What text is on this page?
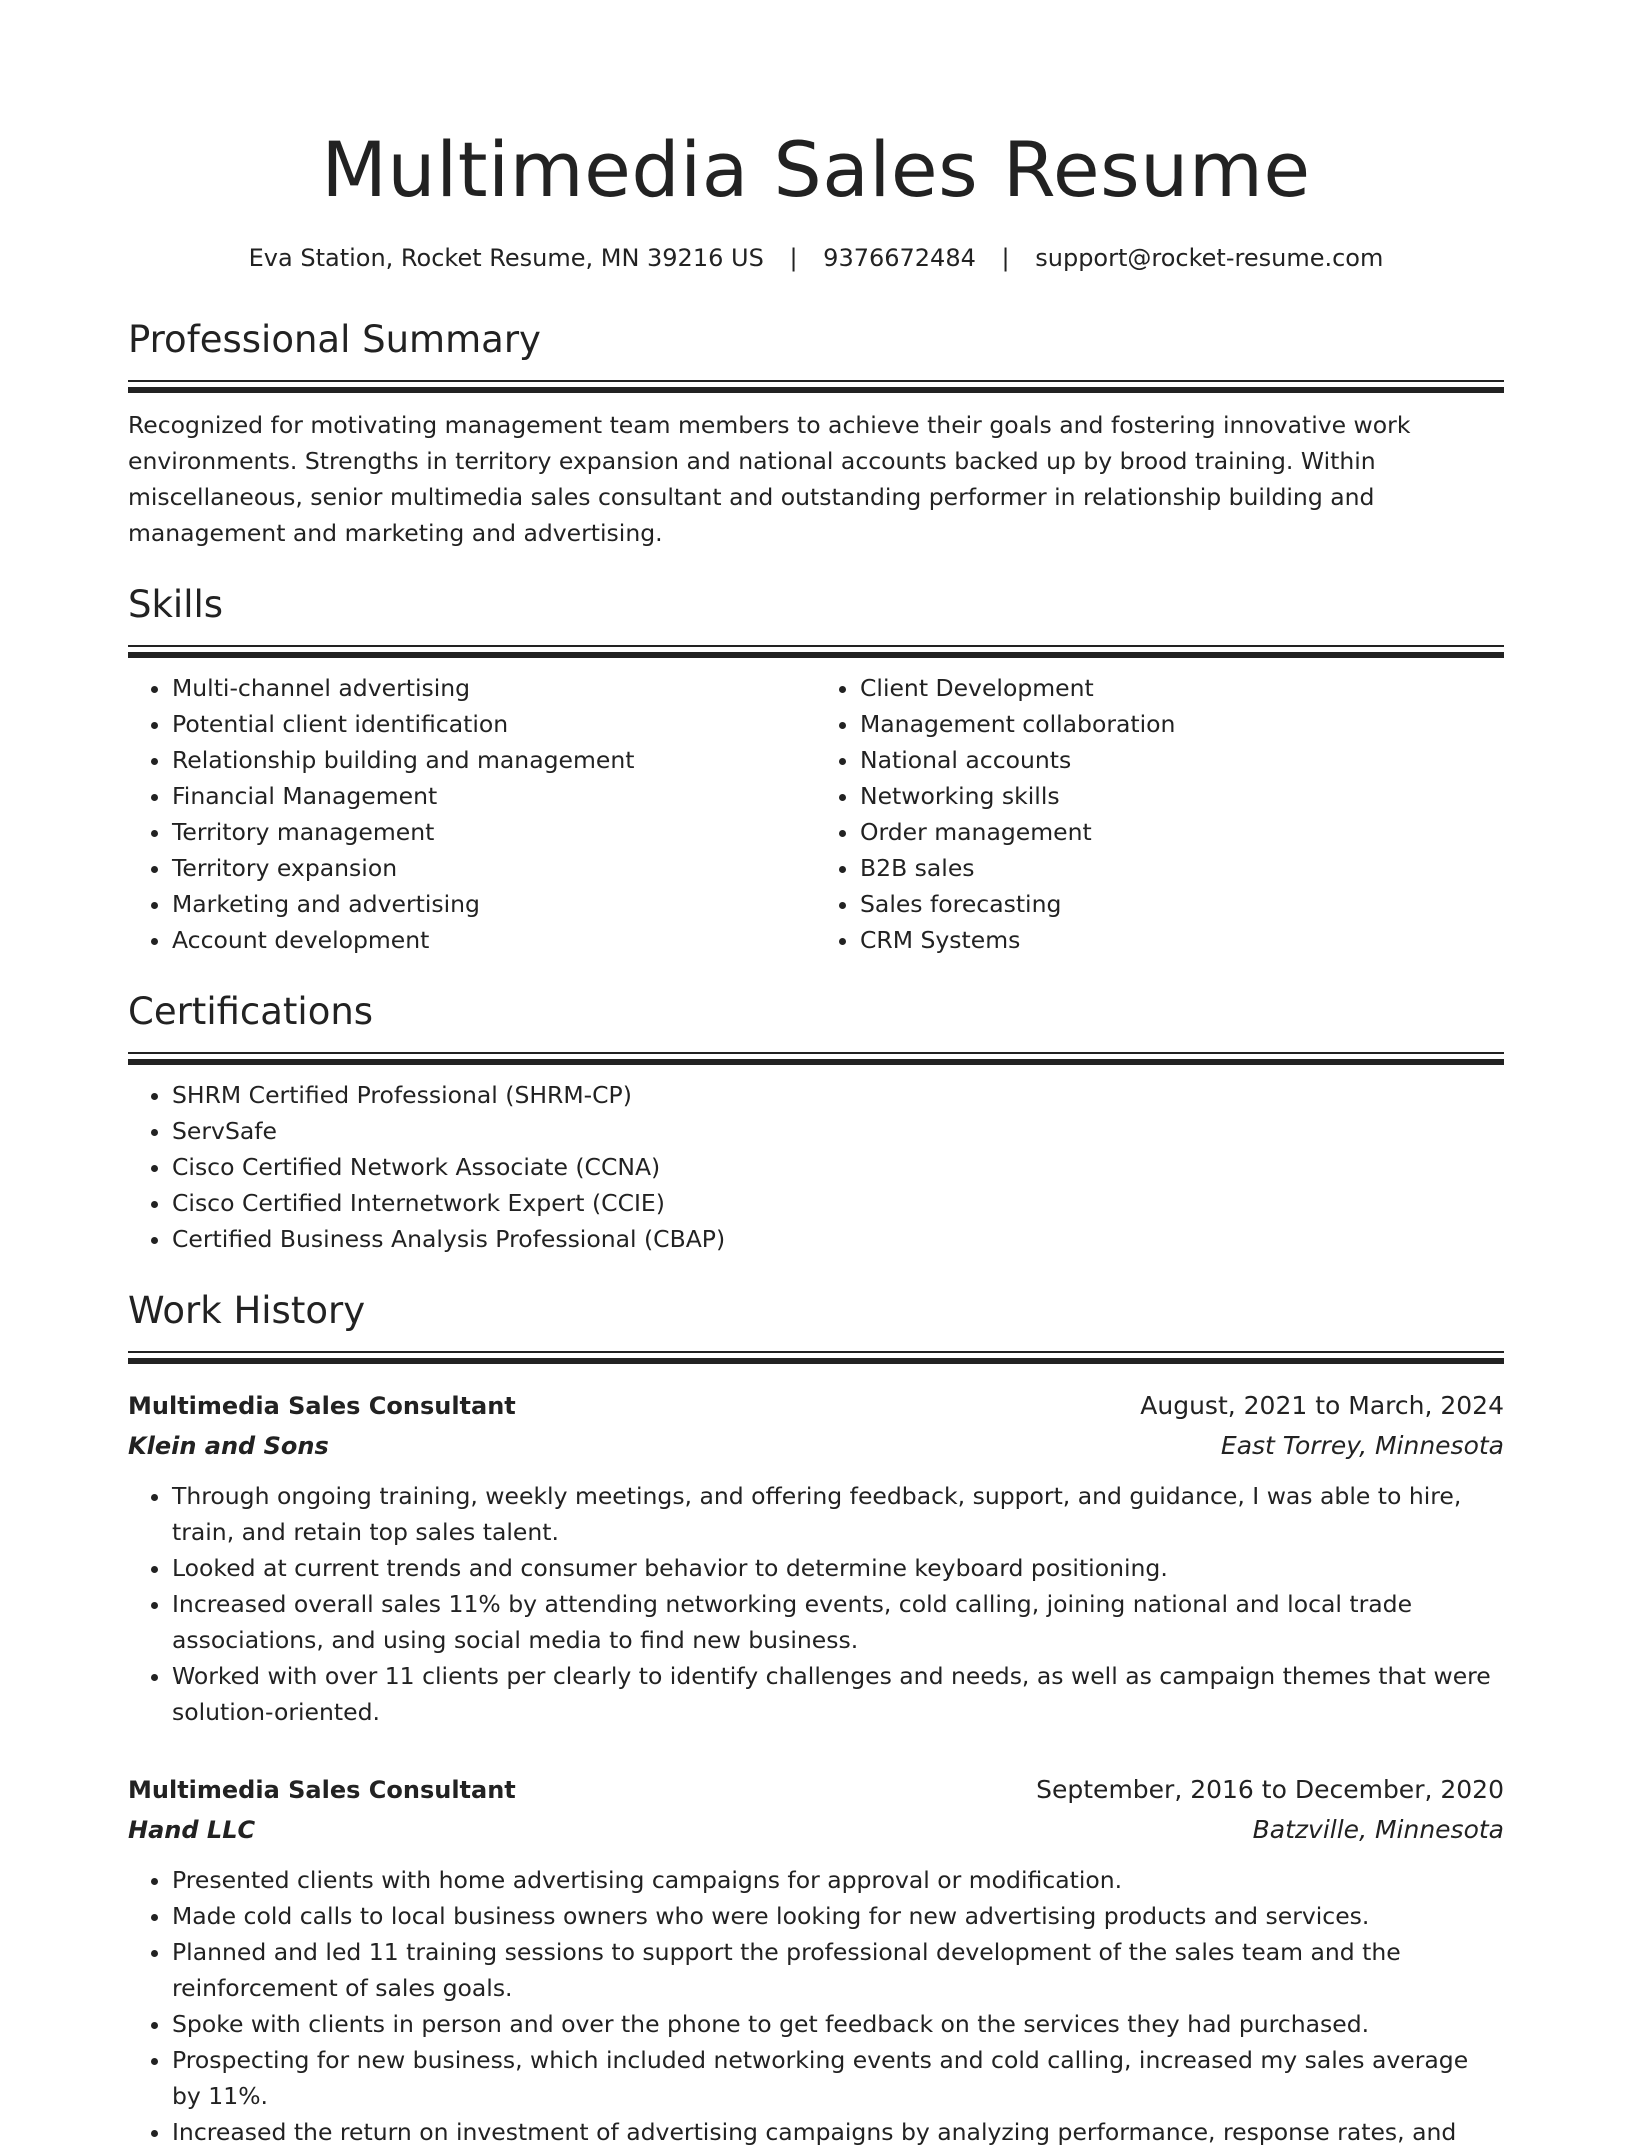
Multimedia Sales Resume
Eva Station, Rocket Resume, MN 39216 US | 9376672484 | support@rocket-resume.com
Professional Summary
Recognized for motivating management team members to achieve their goals and fostering innovative work environments. Strengths in territory expansion and national accounts backed up by brood training. Within miscellaneous, senior multimedia sales consultant and outstanding performer in relationship building and management and marketing and advertising.
Skills
• Multi-channel advertising
• Potential client identification
• Relationship building and management
• Financial Management
• Territory management
• Territory expansion
• Marketing and advertising
• Account development
• Client Development
• Management collaboration
• National accounts
• Networking skills
• Order management
• B2B sales
• Sales forecasting
• CRM Systems
Certifications
• SHRM Certified Professional (SHRM-CP)
• ServSafe
• Cisco Certified Network Associate (CCNA)
• Cisco Certified Internetwork Expert (CCIE)
• Certified Business Analysis Professional (CBAP)
Work History
Multimedia Sales Consultant	August, 2021 to March, 2024
Klein and Sons	East Torrey, Minnesota
• Through ongoing training, weekly meetings, and offering feedback, support, and guidance, I was able to hire, train, and retain top sales talent.
• Looked at current trends and consumer behavior to determine keyboard positioning.
• Increased overall sales 11% by attending networking events, cold calling, joining national and local trade associations, and using social media to find new business.
• Worked with over 11 clients per clearly to identify challenges and needs, as well as campaign themes that were solution-oriented.
Multimedia Sales Consultant	September, 2016 to December, 2020
Hand LLC	Batzville, Minnesota
• Presented clients with home advertising campaigns for approval or modification.
• Made cold calls to local business owners who were looking for new advertising products and services.
• Planned and led 11 training sessions to support the professional development of the sales team and the reinforcement of sales goals.
• Spoke with clients in person and over the phone to get feedback on the services they had purchased.
• Prospecting for new business, which included networking events and cold calling, increased my sales average by 11%.
• Increased the return on investment of advertising campaigns by analyzing performance, response rates, and
